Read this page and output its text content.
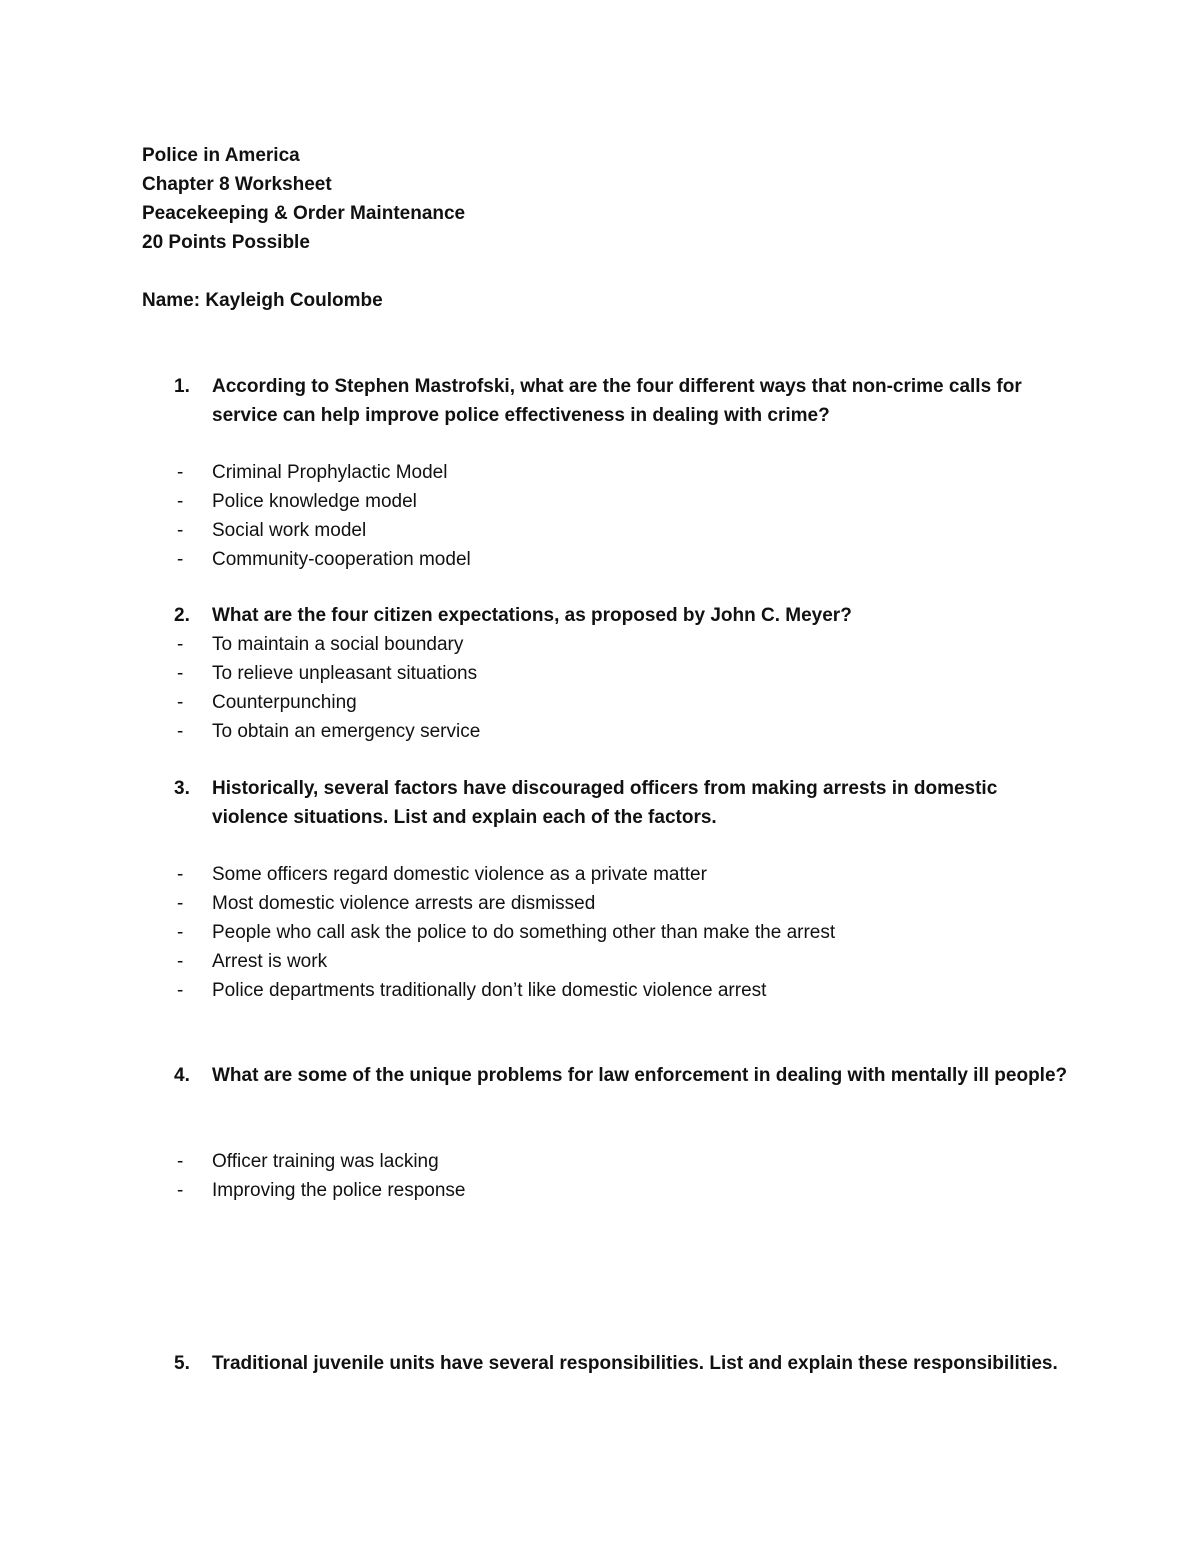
Police in America
Chapter 8 Worksheet
Peacekeeping & Order Maintenance
20 Points Possible
Name: Kayleigh Coulombe
1. According to Stephen Mastrofski, what are the four different ways that non-crime calls for service can help improve police effectiveness in dealing with crime?
- Criminal Prophylactic Model
- Police knowledge model
- Social work model
- Community-cooperation model
2. What are the four citizen expectations, as proposed by John C. Meyer?
- To maintain a social boundary
- To relieve unpleasant situations
- Counterpunching
- To obtain an emergency service
3. Historically, several factors have discouraged officers from making arrests in domestic violence situations. List and explain each of the factors.
- Some officers regard domestic violence as a private matter
- Most domestic violence arrests are dismissed
- People who call ask the police to do something other than make the arrest
- Arrest is work
- Police departments traditionally don’t like domestic violence arrest
4. What are some of the unique problems for law enforcement in dealing with mentally ill people?
- Officer training was lacking
- Improving the police response
5. Traditional juvenile units have several responsibilities. List and explain these responsibilities.
